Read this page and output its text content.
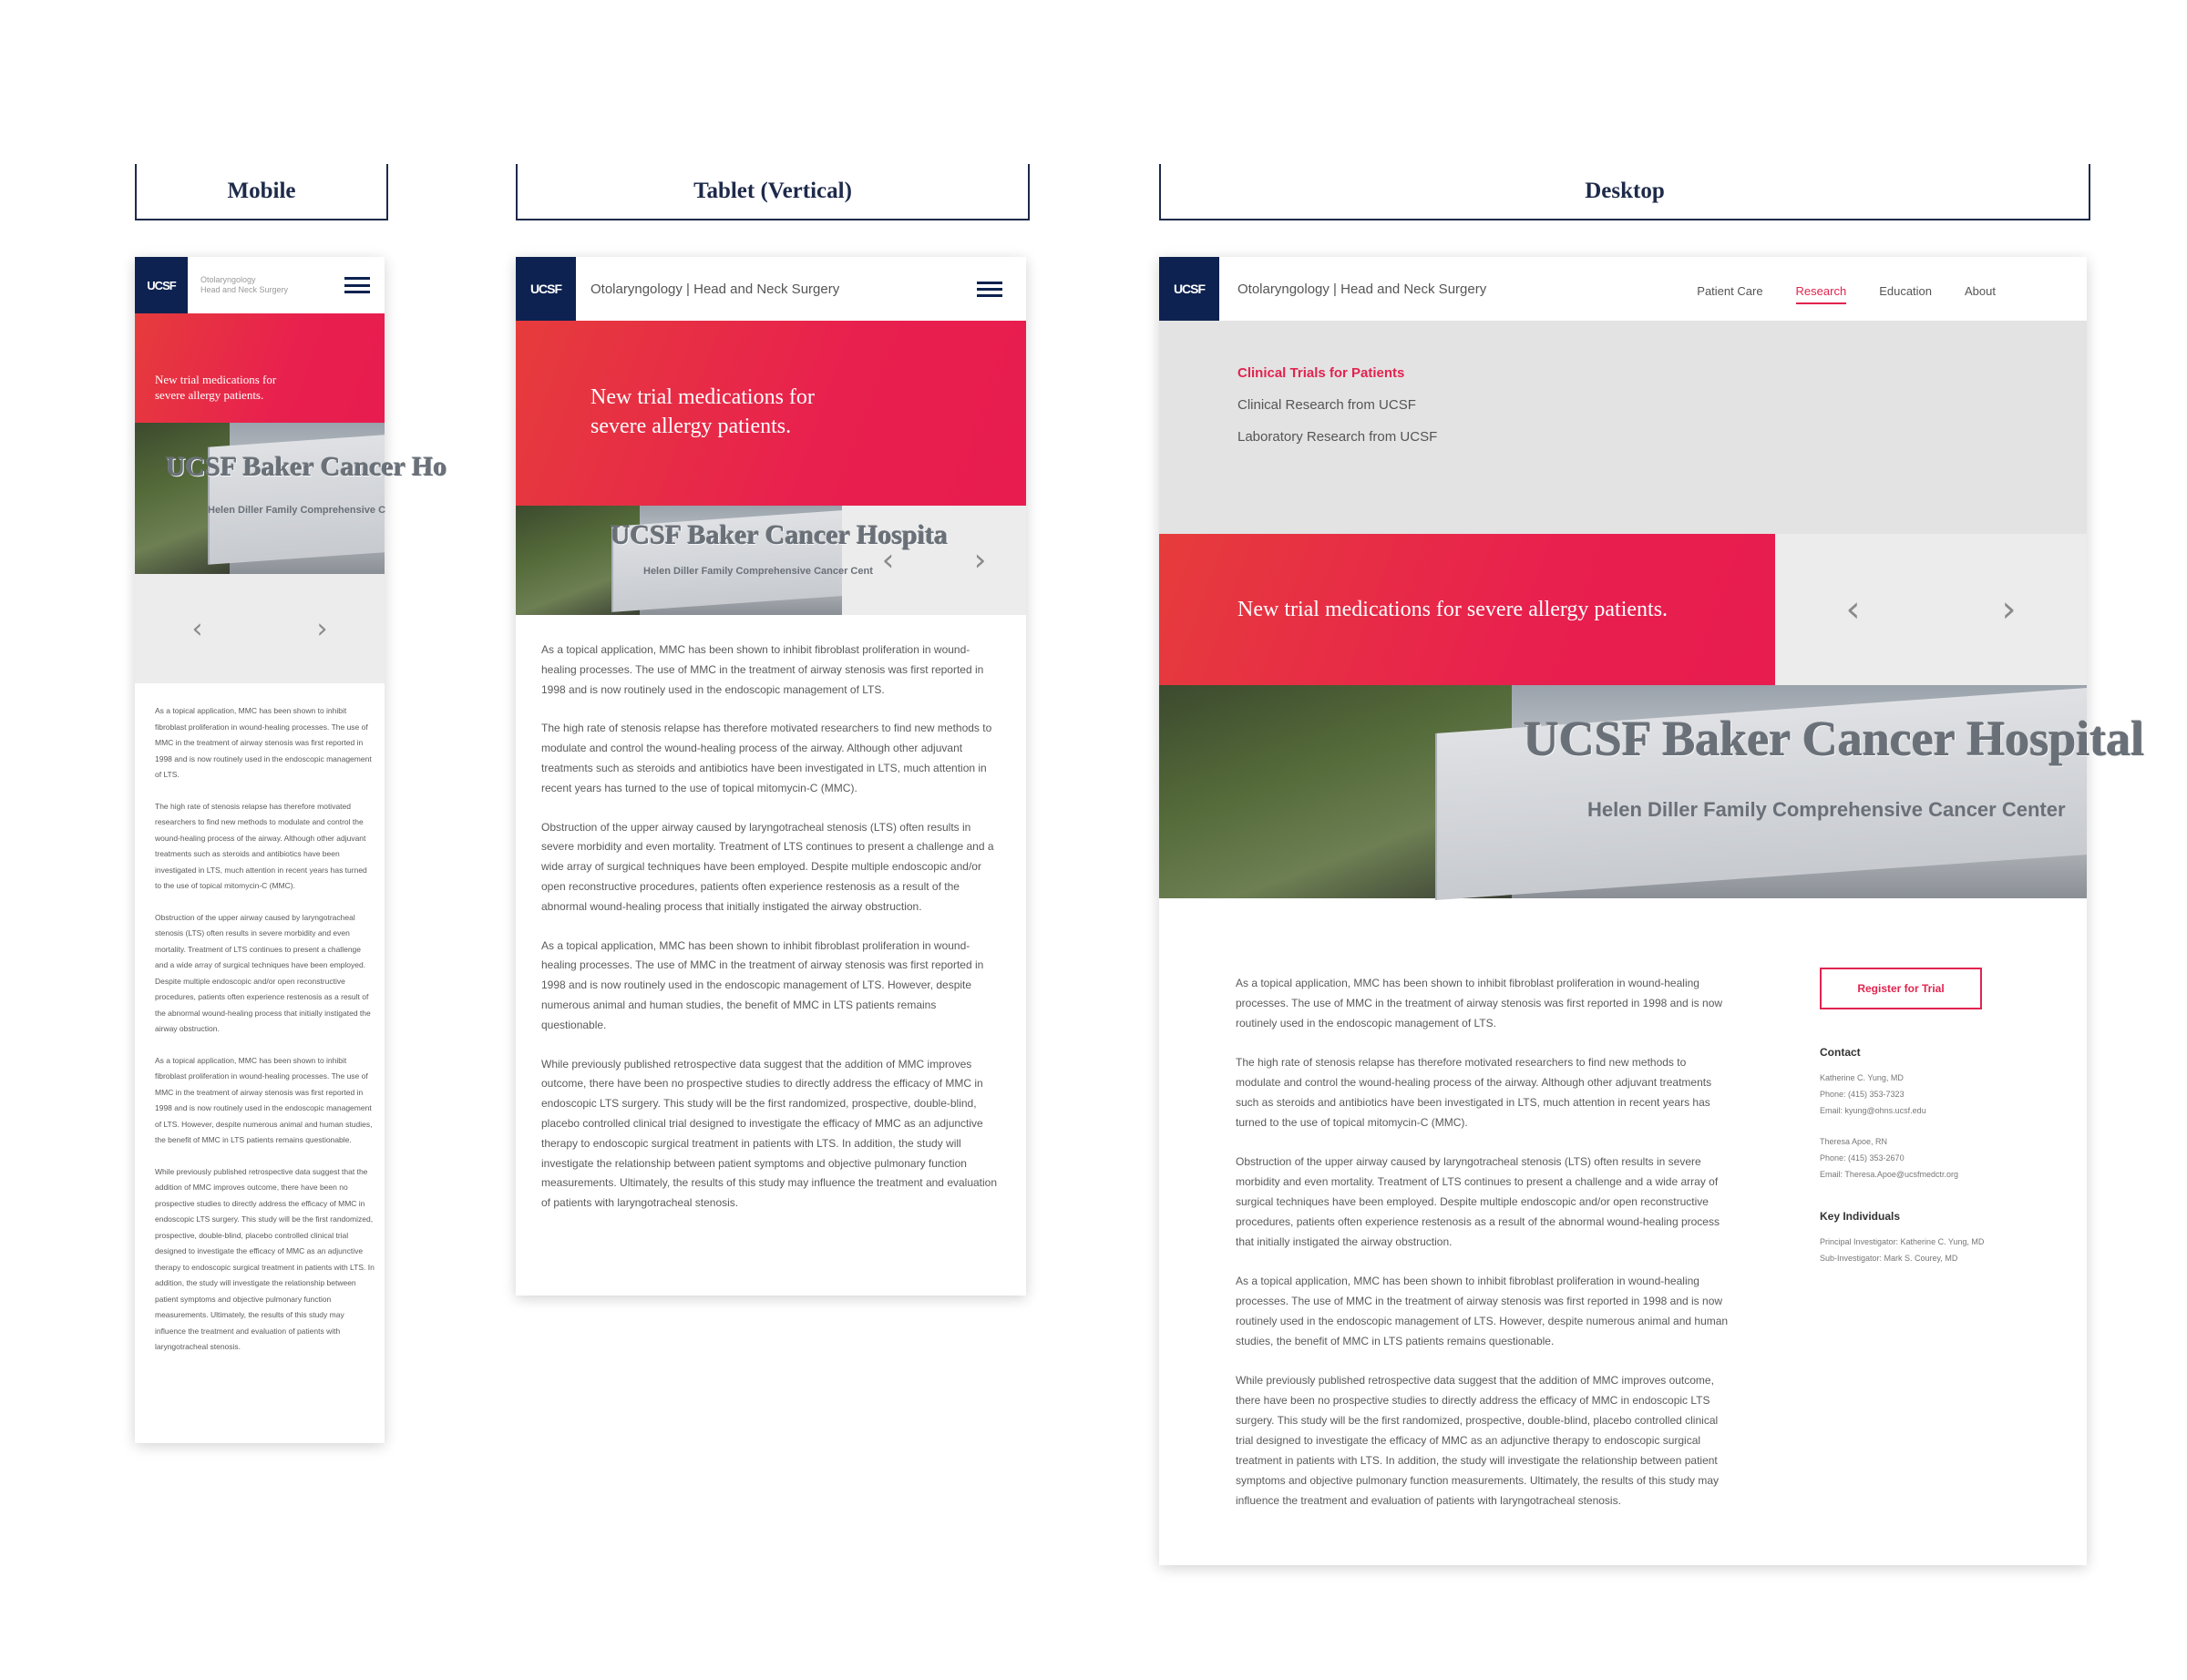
Mobile	Tablet (Vertical)	Desktop
UCSF	Otolaryngology
Head and Neck Surgery
New trial medications for
severe allergy patients.
UCSF Baker Cancer Ho
Helen Diller Family Comprehensive C
‹	›

As a topical application, MMC has been shown to inhibit fibroblast proliferation in wound-healing processes. The use of MMC in the treatment of airway stenosis was first reported in 1998 and is now routinely used in the endoscopic management of LTS.

The high rate of stenosis relapse has therefore motivated researchers to find new methods to modulate and control the wound-healing process of the airway. Although other adjuvant treatments such as steroids and antibiotics have been investigated in LTS, much attention in recent years has turned to the use of topical mitomycin-C (MMC).

Obstruction of the upper airway caused by laryngotracheal stenosis (LTS) often results in severe morbidity and even mortality. Treatment of LTS continues to present a challenge and a wide array of surgical techniques have been employed. Despite multiple endoscopic and/or open reconstructive procedures, patients often experience restenosis as a result of the abnormal wound-healing process that initially instigated the airway obstruction.

As a topical application, MMC has been shown to inhibit fibroblast proliferation in wound-healing processes. The use of MMC in the treatment of airway stenosis was first reported in 1998 and is now routinely used in the endoscopic management of LTS. However, despite numerous animal and human studies, the benefit of MMC in LTS patients remains questionable.

While previously published retrospective data suggest that the addition of MMC improves outcome, there have been no prospective studies to directly address the efficacy of MMC in endoscopic LTS surgery. This study will be the first randomized, prospective, double-blind, placebo controlled clinical trial designed to investigate the efficacy of MMC as an adjunctive therapy to endoscopic surgical treatment in patients with LTS. In addition, the study will investigate the relationship between patient symptoms and objective pulmonary function measurements. Ultimately, the results of this study may influence the treatment and evaluation of patients with laryngotracheal stenosis.

UCSF	Otolaryngology | Head and Neck Surgery
New trial medications for
severe allergy patients.
UCSF Baker Cancer Hospita
Helen Diller Family Comprehensive Cancer Cent ‹	›

As a topical application, MMC has been shown to inhibit fibroblast proliferation in wound-healing processes. The use of MMC in the treatment of airway stenosis was first reported in 1998 and is now routinely used in the endoscopic management of LTS.

The high rate of stenosis relapse has therefore motivated researchers to find new methods to modulate and control the wound-healing process of the airway. Although other adjuvant treatments such as steroids and antibiotics have been investigated in LTS, much attention in recent years has turned to the use of topical mitomycin-C (MMC).

Obstruction of the upper airway caused by laryngotracheal stenosis (LTS) often results in severe morbidity and even mortality. Treatment of LTS continues to present a challenge and a wide array of surgical techniques have been employed. Despite multiple endoscopic and/or open reconstructive procedures, patients often experience restenosis as a result of the abnormal wound-healing process that initially instigated the airway obstruction.

As a topical application, MMC has been shown to inhibit fibroblast proliferation in wound-healing processes. The use of MMC in the treatment of airway stenosis was first reported in 1998 and is now routinely used in the endoscopic management of LTS. However, despite numerous animal and human studies, the benefit of MMC in LTS patients remains questionable.

While previously published retrospective data suggest that the addition of MMC improves outcome, there have been no prospective studies to directly address the efficacy of MMC in endoscopic LTS surgery. This study will be the first randomized, prospective, double-blind, placebo controlled clinical trial designed to investigate the efficacy of MMC as an adjunctive therapy to endoscopic surgical treatment in patients with LTS. In addition, the study will investigate the relationship between patient symptoms and objective pulmonary function measurements. Ultimately, the results of this study may influence the treatment and evaluation of patients with laryngotracheal stenosis.

UCSF	Otolaryngology | Head and Neck Surgery	Patient Care	Research	Education	About
Clinical Trials for Patients
Clinical Research from UCSF
Laboratory Research from UCSF
New trial medications for severe allergy patients.	‹	›
UCSF Baker Cancer Hospital
Helen Diller Family Comprehensive Cancer Center

As a topical application, MMC has been shown to inhibit fibroblast proliferation in wound-healing processes. The use of MMC in the treatment of airway stenosis was first reported in 1998 and is now routinely used in the endoscopic management of LTS.

The high rate of stenosis relapse has therefore motivated researchers to find new methods to modulate and control the wound-healing process of the airway. Although other adjuvant treatments such as steroids and antibiotics have been investigated in LTS, much attention in recent years has turned to the use of topical mitomycin-C (MMC).

Obstruction of the upper airway caused by laryngotracheal stenosis (LTS) often results in severe morbidity and even mortality. Treatment of LTS continues to present a challenge and a wide array of surgical techniques have been employed. Despite multiple endoscopic and/or open reconstructive procedures, patients often experience restenosis as a result of the abnormal wound-healing process that initially instigated the airway obstruction.

As a topical application, MMC has been shown to inhibit fibroblast proliferation in wound-healing processes. The use of MMC in the treatment of airway stenosis was first reported in 1998 and is now routinely used in the endoscopic management of LTS. However, despite numerous animal and human studies, the benefit of MMC in LTS patients remains questionable.

While previously published retrospective data suggest that the addition of MMC improves outcome, there have been no prospective studies to directly address the efficacy of MMC in endoscopic LTS surgery. This study will be the first randomized, prospective, double-blind, placebo controlled clinical trial designed to investigate the efficacy of MMC as an adjunctive therapy to endoscopic surgical treatment in patients with LTS. In addition, the study will investigate the relationship between patient symptoms and objective pulmonary function measurements. Ultimately, the results of this study may influence the treatment and evaluation of patients with laryngotracheal stenosis.

Register for Trial
Contact

Katherine C. Yung, MD

Phone: (415) 353-7323

Email: kyung@ohns.ucsf.edu

Theresa Apoe, RN

Phone: (415) 353-2670

Email: Theresa.Apoe@ucsfmedctr.org

Key Individuals

Principal Investigator: Katherine C. Yung, MD

Sub-Investigator: Mark S. Courey, MD
